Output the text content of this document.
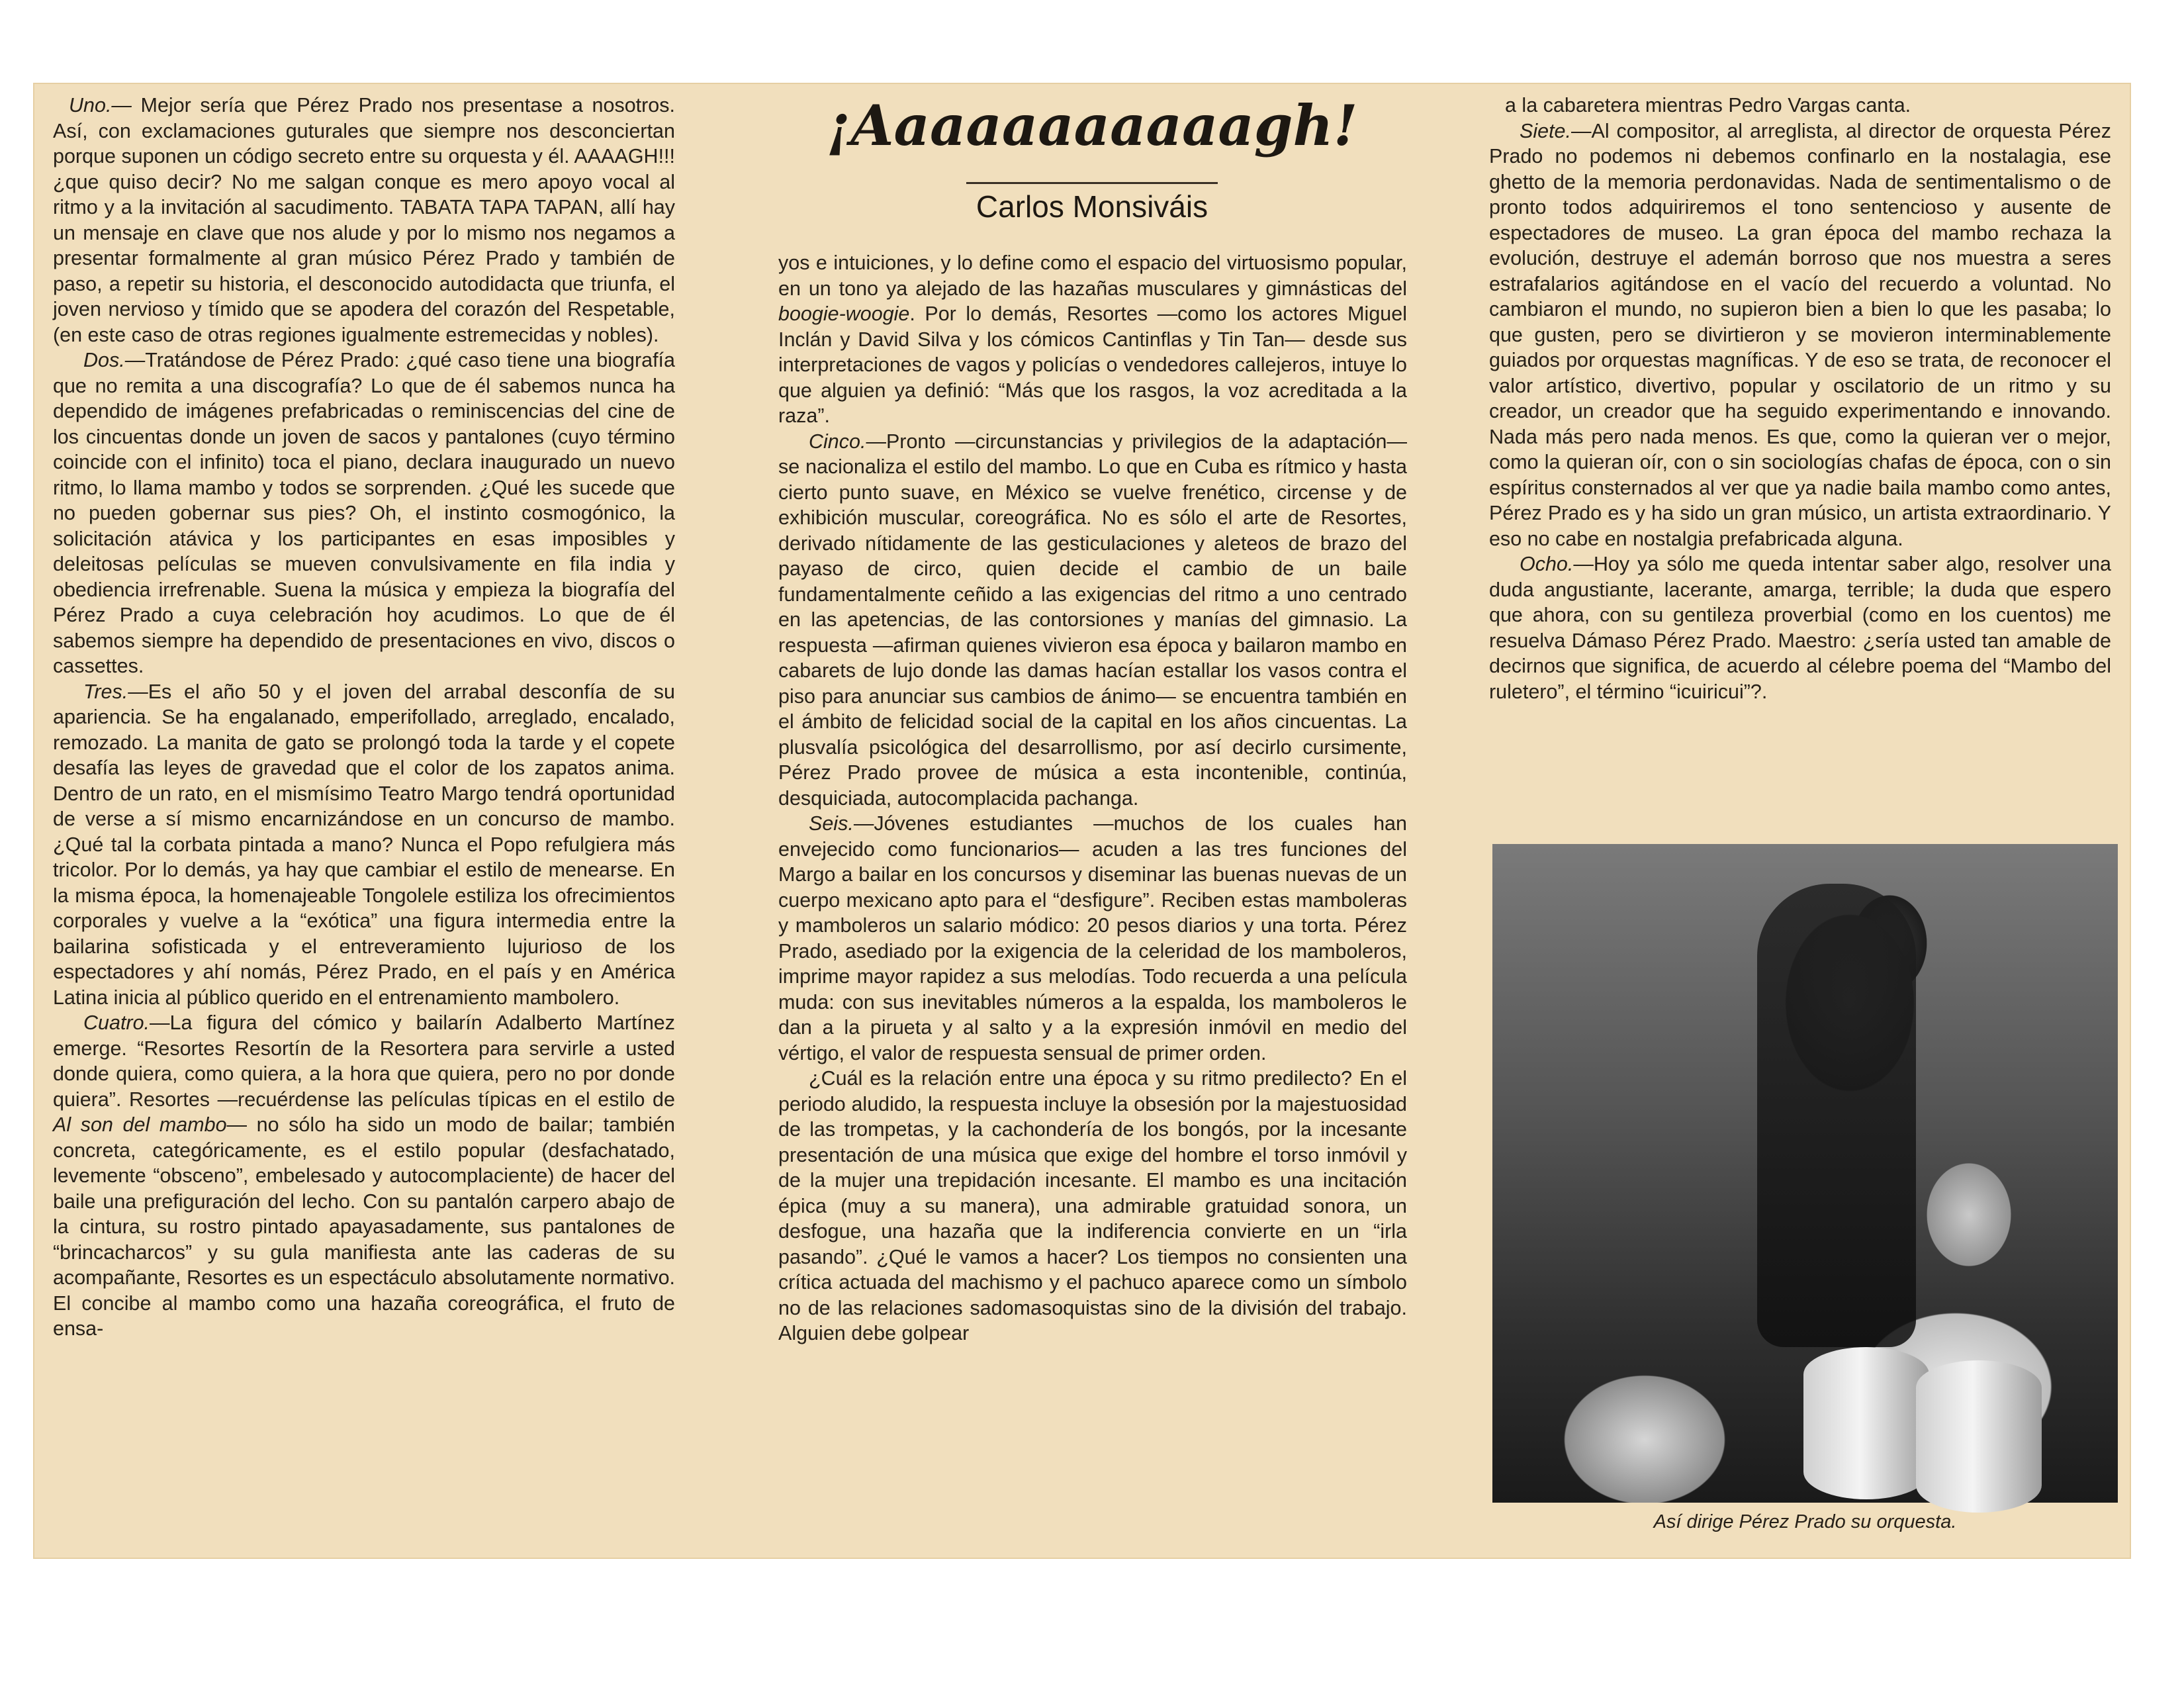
Uno.— Mejor sería que Pérez Prado nos presentase a nosotros. Así, con exclamaciones guturales que siempre nos desconciertan porque suponen un código secreto entre su orquesta y él. AAAAGH!!! ¿que quiso decir? No me salgan conque es mero apoyo vocal al ritmo y a la invitación al sacudimento. TABATA TAPA TAPAN, allí hay un mensaje en clave que nos alude y por lo mismo nos negamos a presentar formalmente al gran músico Pérez Prado y también de paso, a repetir su historia, el desconocido autodidacta que triunfa, el joven nervioso y tímido que se apodera del corazón del Respetable, (en este caso de otras regiones igualmente estremecidas y nobles).

Dos.—Tratándose de Pérez Prado: ¿qué caso tiene una biografía que no remita a una discografía? Lo que de él sabemos nunca ha dependido de imágenes prefabricadas o reminiscencias del cine de los cincuentas donde un joven de sacos y pantalones (cuyo término coincide con el infinito) toca el piano, declara inaugurado un nuevo ritmo, lo llama mambo y todos se sorprenden. ¿Qué les sucede que no pueden gobernar sus pies? Oh, el instinto cosmogónico, la solicitación atávica y los participantes en esas imposibles y deleitosas películas se mueven convulsivamente en fila india y obediencia irrefrenable. Suena la música y empieza la biografía del Pérez Prado a cuya celebración hoy acudimos. Lo que de él sabemos siempre ha dependido de presentaciones en vivo, discos o cassettes.

Tres.—Es el año 50 y el joven del arrabal desconfía de su apariencia. Se ha engalanado, emperifollado, arreglado, encalado, remozado. La manita de gato se prolongó toda la tarde y el copete desafía las leyes de gravedad que el color de los zapatos anima. Dentro de un rato, en el mismísimo Teatro Margo tendrá oportunidad de verse a sí mismo encarnizándose en un concurso de mambo. ¿Qué tal la corbata pintada a mano? Nunca el Popo refulgiera más tricolor. Por lo demás, ya hay que cambiar el estilo de menearse. En la misma época, la homenajeable Tongolele estiliza los ofrecimientos corporales y vuelve a la “exótica” una figura intermedia entre la bailarina sofisticada y el entreveramiento lujurioso de los espectadores y ahí nomás, Pérez Prado, en el país y en América Latina inicia al público querido en el entrenamiento mambolero.

Cuatro.—La figura del cómico y bailarín Adalberto Martínez emerge. “Resortes Resortín de la Resortera para servirle a usted donde quiera, como quiera, a la hora que quiera, pero no por donde quiera”. Resortes —recuérdense las películas típicas en el estilo de Al son del mambo— no sólo ha sido un modo de bailar; también concreta, categóricamente, es el estilo popular (desfachatado, levemente “obsceno”, embelesado y autocomplaciente) de hacer del baile una prefiguración del lecho. Con su pantalón carpero abajo de la cintura, su rostro pintado apayasadamente, sus pantalones de “brincacharcos” y su gula manifiesta ante las caderas de su acompañante, Resortes es un espectáculo absolutamente normativo. El concibe al mambo como una hazaña coreográfica, el fruto de ensa-

¡Aaaaaaaaaaagh!
Carlos Monsiváis

yos e intuiciones, y lo define como el espacio del virtuosismo popular, en un tono ya alejado de las hazañas musculares y gimnásticas del boogie-woogie. Por lo demás, Resortes —como los actores Miguel Inclán y David Silva y los cómicos Cantinflas y Tin Tan— desde sus interpretaciones de vagos y policías o vendedores callejeros, intuye lo que alguien ya definió: “Más que los rasgos, la voz acreditada a la raza”.

Cinco.—Pronto —circunstancias y privilegios de la adaptación— se nacionaliza el estilo del mambo. Lo que en Cuba es rítmico y hasta cierto punto suave, en México se vuelve frenético, circense y de exhibición muscular, coreográfica. No es sólo el arte de Resortes, derivado nítidamente de las gesticulaciones y aleteos de brazo del payaso de circo, quien decide el cambio de un baile fundamentalmente ceñido a las exigencias del ritmo a uno centrado en las apetencias, de las contorsiones y manías del gimnasio. La respuesta —afirman quienes vivieron esa época y bailaron mambo en cabarets de lujo donde las damas hacían estallar los vasos contra el piso para anunciar sus cambios de ánimo— se encuentra también en el ámbito de felicidad social de la capital en los años cincuentas. La plusvalía psicológica del desarrollismo, por así decirlo cursimente, Pérez Prado provee de música a esta incontenible, continúa, desquiciada, autocomplacida pachanga.

Seis.—Jóvenes estudiantes —muchos de los cuales han envejecido como funcionarios— acuden a las tres funciones del Margo a bailar en los concursos y diseminar las buenas nuevas de un cuerpo mexicano apto para el “desfigure”. Reciben estas mamboleras y mamboleros un salario módico: 20 pesos diarios y una torta. Pérez Prado, asediado por la exigencia de la celeridad de los mamboleros, imprime mayor rapidez a sus melodías. Todo recuerda a una película muda: con sus inevitables números a la espalda, los mamboleros le dan a la pirueta y al salto y a la expresión inmóvil en medio del vértigo, el valor de respuesta sensual de primer orden.

¿Cuál es la relación entre una época y su ritmo predilecto? En el periodo aludido, la respuesta incluye la obsesión por la majestuosidad de las trompetas, y la cachondería de los bongós, por la incesante presentación de una música que exige del hombre el torso inmóvil y de la mujer una trepidación incesante. El mambo es una incitación épica (muy a su manera), una admirable gratuidad sonora, un desfogue, una hazaña que la indiferencia convierte en un “irla pasando”. ¿Qué le vamos a hacer? Los tiempos no consienten una crítica actuada del machismo y el pachuco aparece como un símbolo no de las relaciones sadomasoquistas sino de la división del trabajo. Alguien debe golpear

a la cabaretera mientras Pedro Vargas canta.

Siete.—Al compositor, al arreglista, al director de orquesta Pérez Prado no podemos ni debemos confinarlo en la nostalagia, ese ghetto de la memoria perdonavidas. Nada de sentimentalismo o de pronto todos adquiriremos el tono sentencioso y ausente de espectadores de museo. La gran época del mambo rechaza la evolución, destruye el ademán borroso que nos muestra a seres estrafalarios agitándose en el vacío del recuerdo a voluntad. No cambiaron el mundo, no supieron bien a bien lo que les pasaba; lo que gusten, pero se divirtieron y se movieron interminablemente guiados por orquestas magníficas. Y de eso se trata, de reconocer el valor artístico, divertivo, popular y oscilatorio de un ritmo y su creador, un creador que ha seguido experimentando e innovando. Nada más pero nada menos. Es que, como la quieran ver o mejor, como la quieran oír, con o sin sociologías chafas de época, con o sin espíritus consternados al ver que ya nadie baila mambo como antes, Pérez Prado es y ha sido un gran músico, un artista extraordinario. Y eso no cabe en nostalgia prefabricada alguna.

Ocho.—Hoy ya sólo me queda intentar saber algo, resolver una duda angustiante, lacerante, amarga, terrible; la duda que espero que ahora, con su gentileza proverbial (como en los cuentos) me resuelva Dámaso Pérez Prado. Maestro: ¿sería usted tan amable de decirnos que significa, de acuerdo al célebre poema del “Mambo del ruletero”, el término “icuiricui”?.

Así dirige Pérez Prado su orquesta.
